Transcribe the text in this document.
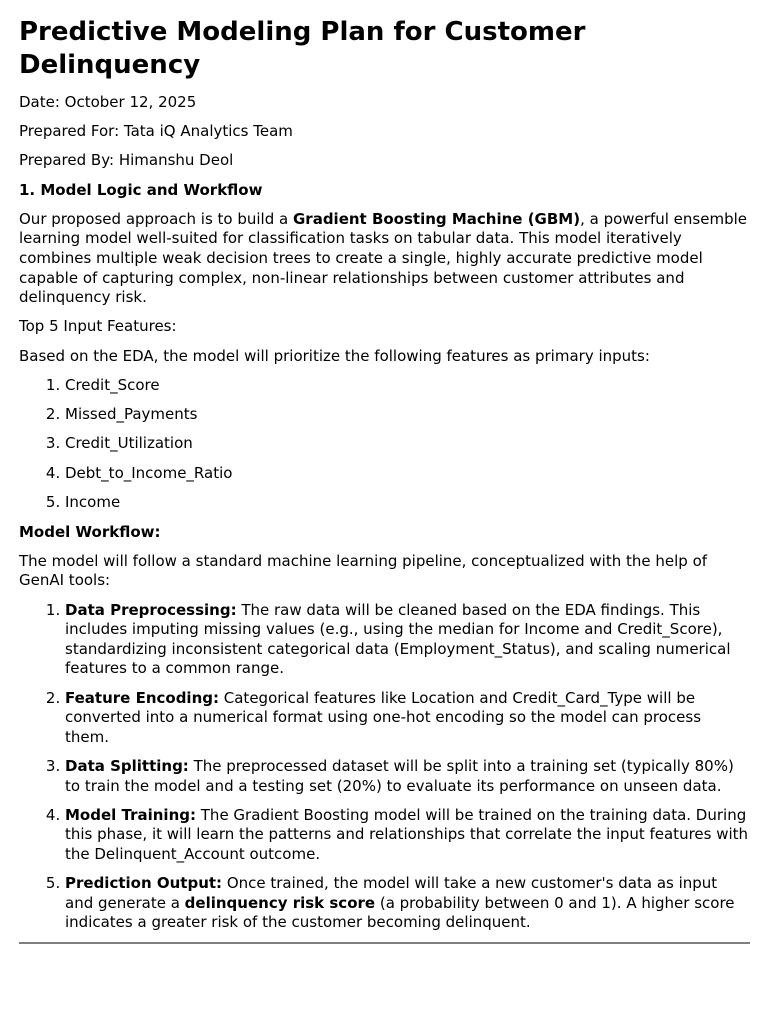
Predictive Modeling Plan for Customer Delinquency

Date: October 12, 2025

Prepared For: Tata iQ Analytics Team

Prepared By: Himanshu Deol

1. Model Logic and Workflow

Our proposed approach is to build a Gradient Boosting Machine (GBM), a powerful ensemble learning model well-suited for classification tasks on tabular data. This model iteratively combines multiple weak decision trees to create a single, highly accurate predictive model capable of capturing complex, non-linear relationships between customer attributes and delinquency risk.

Top 5 Input Features:

Based on the EDA, the model will prioritize the following features as primary inputs:

1. Credit_Score
2. Missed_Payments
3. Credit_Utilization
4. Debt_to_Income_Ratio
5. Income

Model Workflow:

The model will follow a standard machine learning pipeline, conceptualized with the help of GenAI tools:

1. Data Preprocessing: The raw data will be cleaned based on the EDA findings. This includes imputing missing values (e.g., using the median for Income and Credit_Score), standardizing inconsistent categorical data (Employment_Status), and scaling numerical features to a common range.
2. Feature Encoding: Categorical features like Location and Credit_Card_Type will be converted into a numerical format using one-hot encoding so the model can process them.
3. Data Splitting: The preprocessed dataset will be split into a training set (typically 80%) to train the model and a testing set (20%) to evaluate its performance on unseen data.
4. Model Training: The Gradient Boosting model will be trained on the training data. During this phase, it will learn the patterns and relationships that correlate the input features with the Delinquent_Account outcome.
5. Prediction Output: Once trained, the model will take a new customer's data as input and generate a delinquency risk score (a probability between 0 and 1). A higher score indicates a greater risk of the customer becoming delinquent.
